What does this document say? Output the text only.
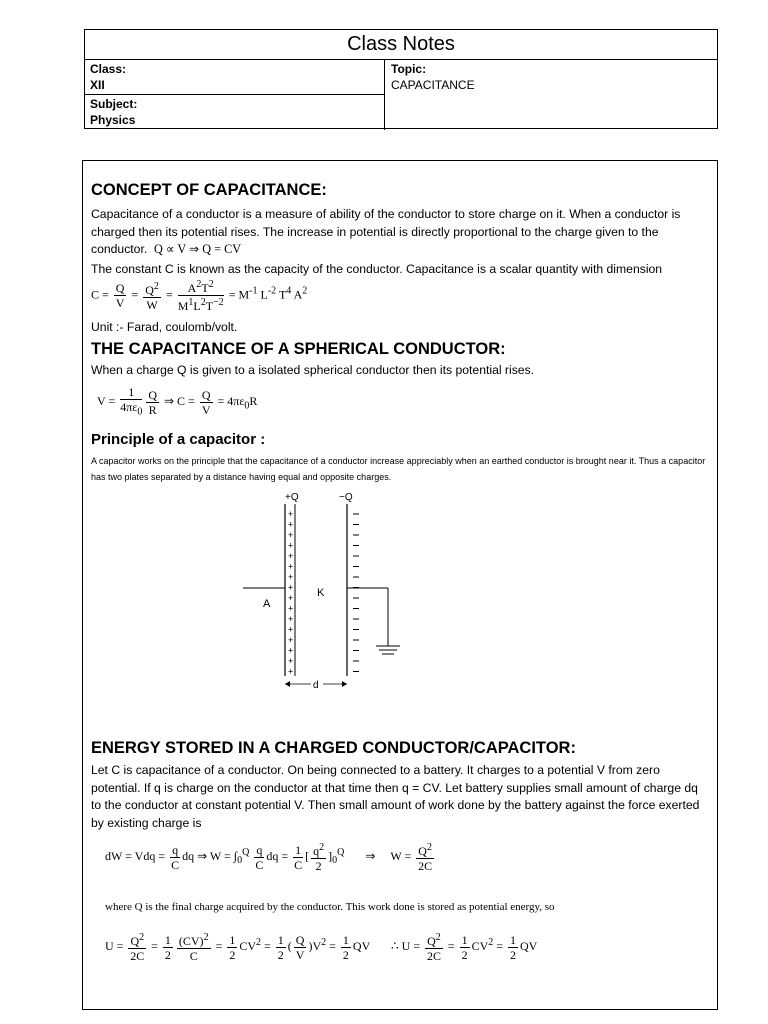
Class Notes
Class:
XII
Subject:
Physics
Topic:
CAPACITANCE
CONCEPT OF CAPACITANCE:
Capacitance of a conductor is a measure of ability of the conductor to store charge on it. When a conductor is charged then its potential rises. The increase in potential is directly proportional to the charge given to the conductor. Q ∝ V ⇒ Q = CV
The constant C is known as the capacity of the conductor. Capacitance is a scalar quantity with dimension
$C = \frac{Q}{V} = \frac{Q^2}{W} = \frac{A^2T^2}{M^1L^2T^{-2}} = M^{-1}$ $L^{-2}$ $T^4$ $A^2$
Unit :- Farad, coulomb/volt.
THE CAPACITANCE OF A SPHERICAL CONDUCTOR:
When a charge Q is given to a isolated spherical conductor then its potential rises.
$V = \frac{1}{4\pi\varepsilon_0} \frac{Q}{R}$ ⇒ $C = \frac{Q}{V} = 4\pi\varepsilon_0R$
Principle of a capacitor :
A capacitor works on the principle that the capacitance of a conductor increase appreciably when an earthed conductor is brought near it. Thus a capacitor has two plates separated by a distance having equal and opposite charges.
+Q	−Q
+
+
+
+
+
+
+
+
+
+
+
+
+
+
+
+
A
K
d
ENERGY STORED IN A CHARGED CONDUCTOR/CAPACITOR:
Let C is capacitance of a conductor. On being connected to a battery. It charges to a potential V from zero potential. If q is charge on the conductor at that time then q = CV. Let battery supplies small amount of charge dq to the conductor at constant potential V. Then small amount of work done by the battery against the force exerted by existing charge is
dW = Vdq = $\frac{q}{C}$ dq ⇒ $W = \int_0^Q \frac{q}{C}$ dq = $\frac{1}{C}$ [ $\frac{q^2}{2} ]_0^Q$       ⇒     $W = \frac{Q^2}{2C}$
where Q is the final charge acquired by the conductor. This work done is stored as potential energy, so
$U = \frac{Q^2}{2C} = \frac{1}{2} \frac{(CV)^2}{C} = \frac{1}{2} CV^2 = \frac{1}{2}$ ( $\frac{Q}{V} )V^2 = \frac{1}{2}$ QV       ∴ $U = \frac{Q^2}{2C} = \frac{1}{2} CV^2 = \frac{1}{2}$ QV
